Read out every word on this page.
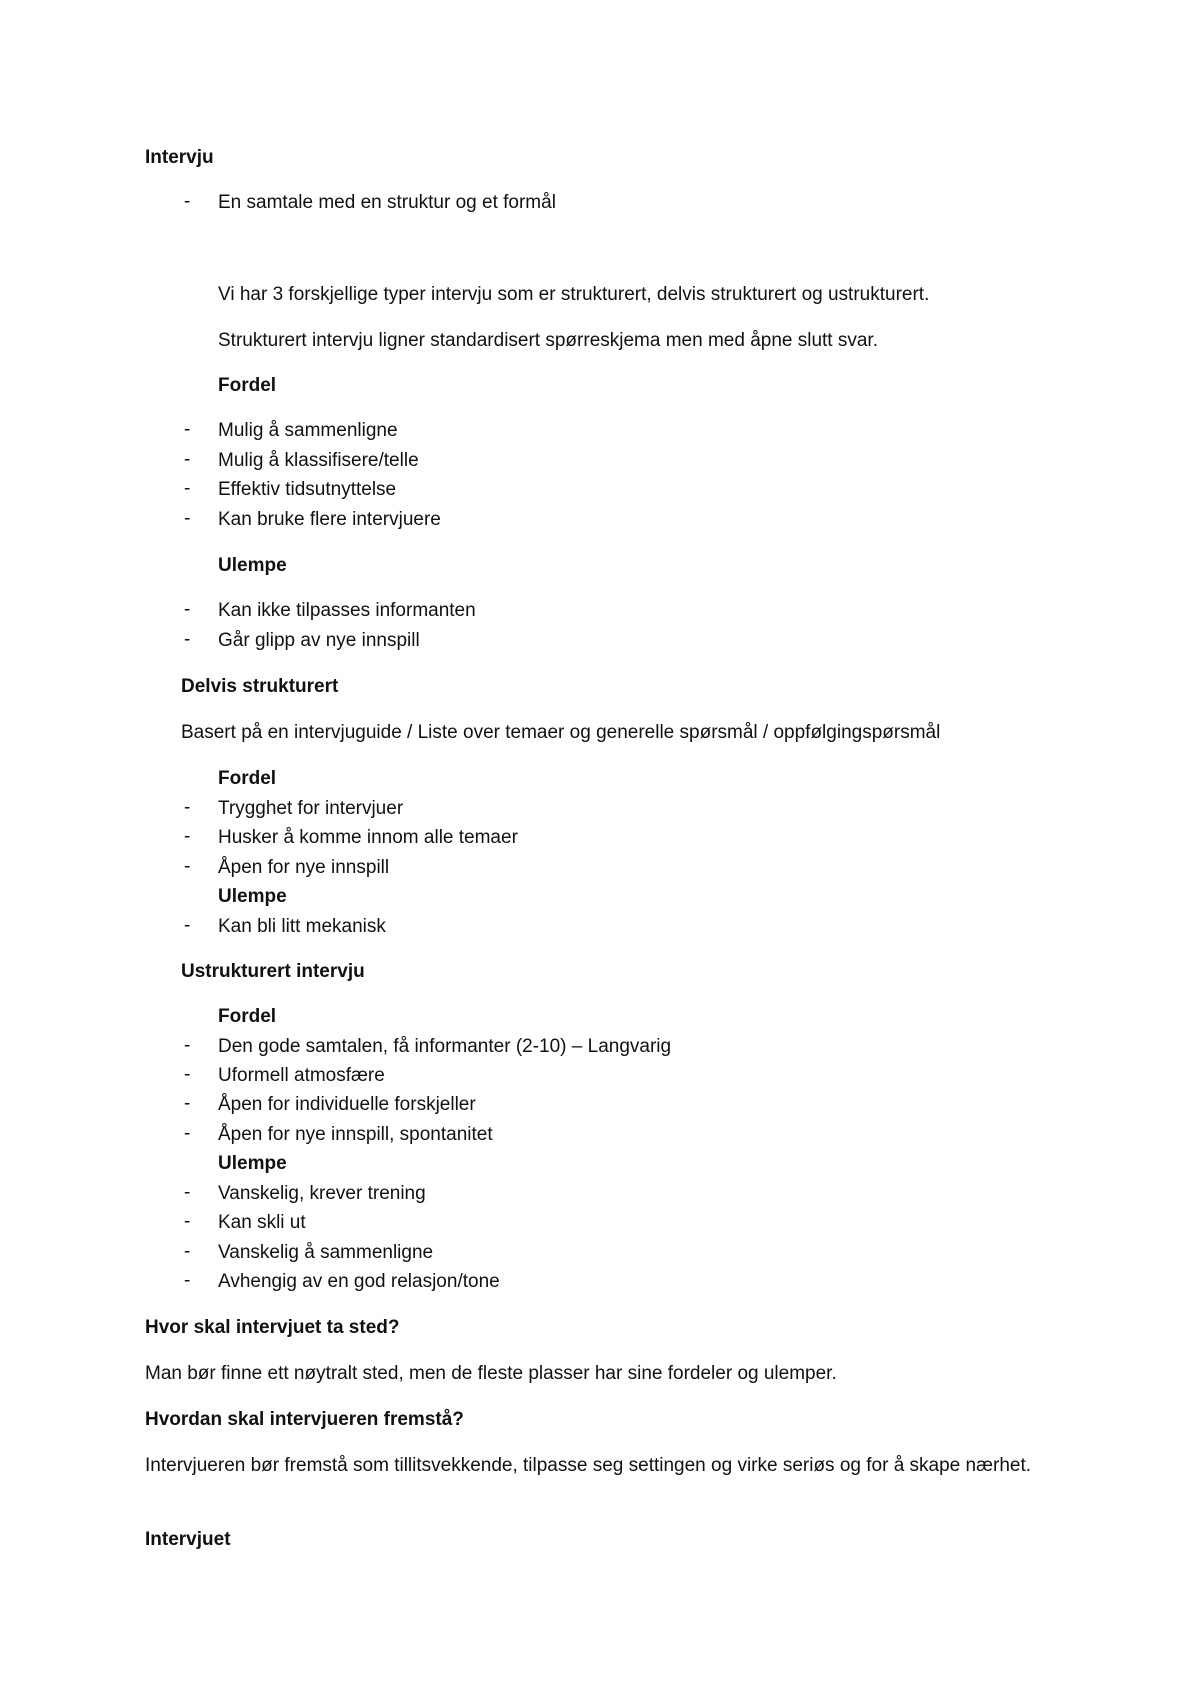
Intervju
- En samtale med en struktur og et formål
Vi har 3 forskjellige typer intervju som er strukturert, delvis strukturert og ustrukturert.
Strukturert intervju ligner standardisert spørreskjema men med åpne slutt svar.
Fordel
- Mulig å sammenligne
- Mulig å klassifisere/telle
- Effektiv tidsutnyttelse
- Kan bruke flere intervjuere
Ulempe
- Kan ikke tilpasses informanten
- Går glipp av nye innspill
Delvis strukturert
Basert på en intervjuguide / Liste over temaer og generelle spørsmål / oppfølgingspørsmål
Fordel
- Trygghet for intervjuer
- Husker å komme innom alle temaer
- Åpen for nye innspill
Ulempe
- Kan bli litt mekanisk
Ustrukturert intervju
Fordel
- Den gode samtalen, få informanter (2-10) – Langvarig
- Uformell atmosfære
- Åpen for individuelle forskjeller
- Åpen for nye innspill, spontanitet
Ulempe
- Vanskelig, krever trening
- Kan skli ut
- Vanskelig å sammenligne
- Avhengig av en god relasjon/tone
Hvor skal intervjuet ta sted?
Man bør finne ett nøytralt sted, men de fleste plasser har sine fordeler og ulemper.
Hvordan skal intervjueren fremstå?
Intervjueren bør fremstå som tillitsvekkende, tilpasse seg settingen og virke seriøs og for å skape nærhet.
Intervjuet
